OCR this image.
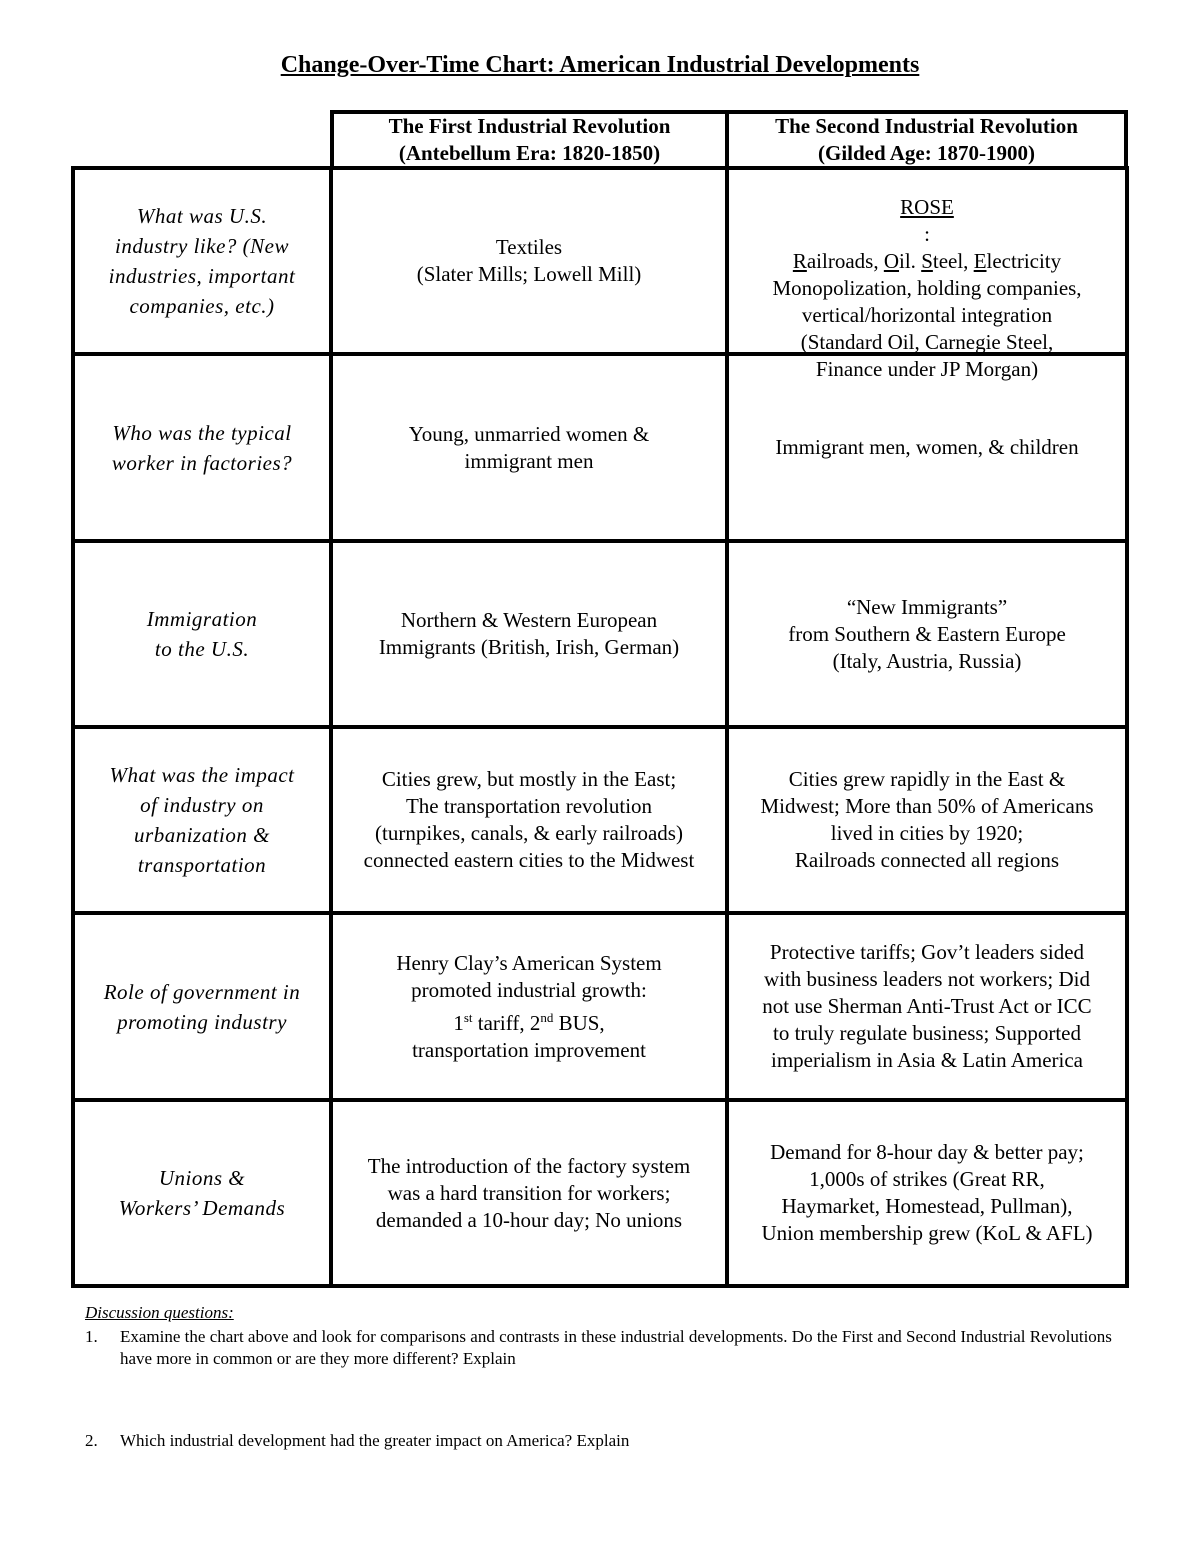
Change-Over-Time Chart: American Industrial Developments
The First Industrial Revolution
(Antebellum Era: 1820-1850)
The Second Industrial Revolution
(Gilded Age: 1870-1900)
What was U.S.
industry like? (New
industries, important
companies, etc.)
Textiles
(Slater Mills; Lowell Mill)
ROSE
:
Railroads, Oil. Steel, Electricity
Monopolization, holding companies,
vertical/horizontal integration
(Standard Oil, Carnegie Steel,
Finance under JP Morgan)
Who was the typical
worker in factories?
Young, unmarried women &
immigrant men
Immigrant men, women, & children
Immigration
to the U.S.
Northern & Western European
Immigrants (British, Irish, German)
“New Immigrants”
from Southern & Eastern Europe
(Italy, Austria, Russia)
What was the impact
of industry on
urbanization &
transportation
Cities grew, but mostly in the East;
The transportation revolution
(turnpikes, canals, & early railroads)
connected eastern cities to the Midwest
Cities grew rapidly in the East &
Midwest; More than 50% of Americans
lived in cities by 1920;
Railroads connected all regions
Role of government in
promoting industry
Henry Clay’s American System
promoted industrial growth:
1st tariff, 2nd BUS,
transportation improvement
Protective tariffs; Gov’t leaders sided
with business leaders not workers; Did
not use Sherman Anti-Trust Act or ICC
to truly regulate business; Supported
imperialism in Asia & Latin America
Unions &
Workers’ Demands
The introduction of the factory system
was a hard transition for workers;
demanded a 10-hour day; No unions
Demand for 8-hour day & better pay;
1,000s of strikes (Great RR,
Haymarket, Homestead, Pullman),
Union membership grew (KoL & AFL)
Discussion questions:
1. Examine the chart above and look for comparisons and contrasts in these industrial developments. Do the First and Second Industrial Revolutions have more in common or are they more different? Explain
2. Which industrial development had the greater impact on America? Explain
